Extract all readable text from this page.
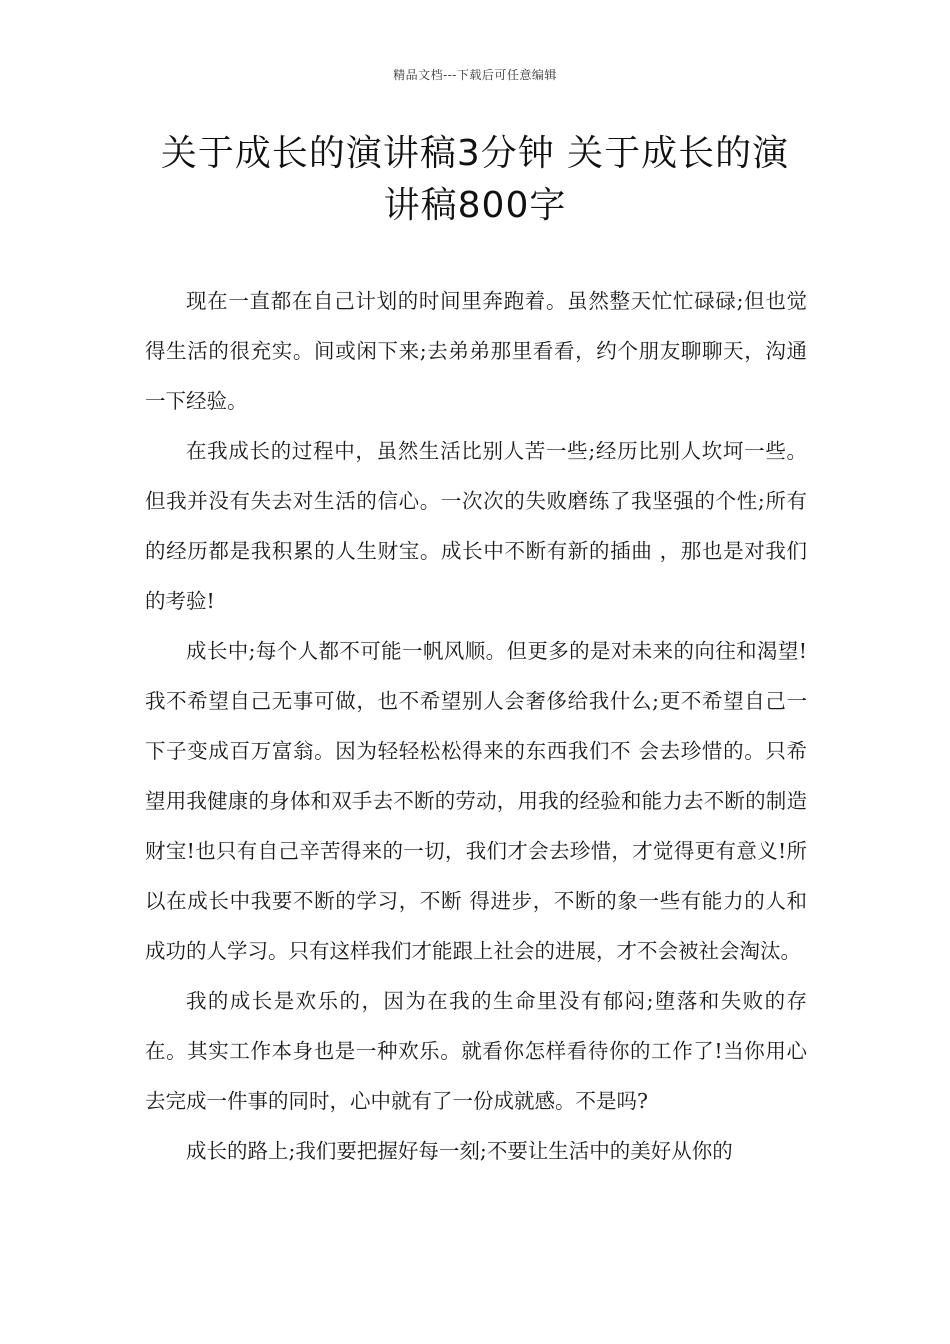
精品文档---下载后可任意编辑
关于成长的演讲稿3分钟 关于成长的演讲稿800字

现在一直都在自己计划的时间里奔跑着。虽然整天忙忙碌碌;但也觉得生活的很充实。间或闲下来;去弟弟那里看看，约个朋友聊聊天，沟通一下经验。

在我成长的过程中，虽然生活比别人苦一些;经历比别人坎坷一些。但我并没有失去对生活的信心。一次次的失败磨练了我坚强的个性;所有的经历都是我积累的人生财宝。成长中不断有新的插曲 ，那也是对我们的考验!

成长中;每个人都不可能一帆风顺。但更多的是对未来的向往和渴望!我不希望自己无事可做，也不希望别人会奢侈给我什么;更不希望自己一下子变成百万富翁。因为轻轻松松得来的东西我们不 会去珍惜的。只希望用我健康的身体和双手去不断的劳动，用我的经验和能力去不断的制造财宝!也只有自己辛苦得来的一切，我们才会去珍惜，才觉得更有意义!所以在成长中我要不断的学习，不断 得进步，不断的象一些有能力的人和成功的人学习。只有这样我们才能跟上社会的进展，才不会被社会淘汰。

我的成长是欢乐的，因为在我的生命里没有郁闷;堕落和失败的存在。其实工作本身也是一种欢乐。就看你怎样看待你的工作了!当你用心去完成一件事的同时，心中就有了一份成就感。不是吗?

成长的路上;我们要把握好每一刻;不要让生活中的美好从你的
